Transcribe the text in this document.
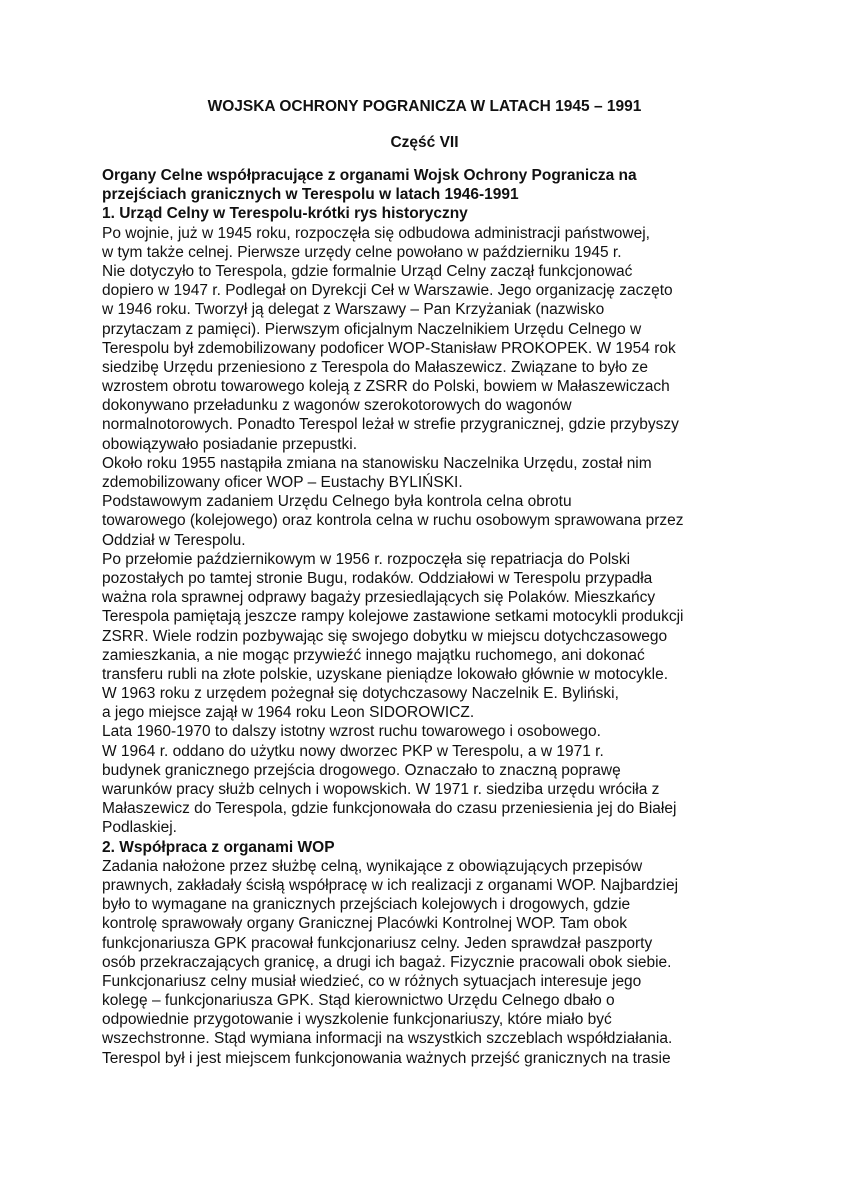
WOJSKA OCHRONY POGRANICZA W LATACH 1945 – 1991
Część VII
Organy Celne współpracujące z organami Wojsk Ochrony Pogranicza na
przejściach granicznych w Terespolu w latach 1946-1991
1. Urząd Celny w Terespolu-krótki rys historyczny
Po wojnie, już w 1945 roku, rozpoczęła się odbudowa administracji państwowej,
w tym także celnej. Pierwsze urzędy celne powołano w październiku 1945 r.
Nie dotyczyło to Terespola, gdzie formalnie Urząd Celny zaczął funkcjonować
dopiero w 1947 r. Podlegał on Dyrekcji Ceł w Warszawie. Jego organizację zaczęto
w 1946 roku. Tworzył ją delegat z Warszawy – Pan Krzyżaniak (nazwisko
przytaczam z pamięci). Pierwszym oficjalnym Naczelnikiem Urzędu Celnego w
Terespolu był zdemobilizowany podoficer WOP-Stanisław PROKOPEK. W 1954 rok
siedzibę Urzędu przeniesiono z Terespola do Małaszewicz. Związane to było ze
wzrostem obrotu towarowego koleją z ZSRR do Polski, bowiem w Małaszewiczach
dokonywano przeładunku z wagonów szerokotorowych do wagonów
normalnotorowych. Ponadto Terespol leżał w strefie przygranicznej, gdzie przybyszy
obowiązywało posiadanie przepustki.
Około roku 1955 nastąpiła zmiana na stanowisku Naczelnika Urzędu, został nim
zdemobilizowany oficer WOP – Eustachy BYLIŃSKI.
Podstawowym zadaniem Urzędu Celnego była kontrola celna obrotu
towarowego (kolejowego) oraz kontrola celna w ruchu osobowym sprawowana przez
Oddział w Terespolu.
Po przełomie październikowym w 1956 r. rozpoczęła się repatriacja do Polski
pozostałych po tamtej stronie Bugu, rodaków. Oddziałowi w Terespolu przypadła
ważna rola sprawnej odprawy bagaży przesiedlających się Polaków. Mieszkańcy
Terespola pamiętają jeszcze rampy kolejowe zastawione setkami motocykli produkcji
ZSRR. Wiele rodzin pozbywając się swojego dobytku w miejscu dotychczasowego
zamieszkania, a nie mogąc przywieźć innego majątku ruchomego, ani dokonać
transferu rubli na złote polskie, uzyskane pieniądze lokowało głównie w motocykle.
W 1963 roku z urzędem pożegnał się dotychczasowy Naczelnik E. Byliński,
a jego miejsce zajął w 1964 roku Leon SIDOROWICZ.
Lata 1960-1970 to dalszy istotny wzrost ruchu towarowego i osobowego.
W 1964 r. oddano do użytku nowy dworzec PKP w Terespolu, a w 1971 r.
budynek granicznego przejścia drogowego. Oznaczało to znaczną poprawę
warunków pracy służb celnych i wopowskich. W 1971 r. siedziba urzędu wróciła z
Małaszewicz do Terespola, gdzie funkcjonowała do czasu przeniesienia jej do Białej
Podlaskiej.
2. Współpraca z organami WOP
Zadania nałożone przez służbę celną, wynikające z obowiązujących przepisów
prawnych, zakładały ścisłą współpracę w ich realizacji z organami WOP. Najbardziej
było to wymagane na granicznych przejściach kolejowych i drogowych, gdzie
kontrolę sprawowały organy Granicznej Placówki Kontrolnej WOP. Tam obok
funkcjonariusza GPK pracował funkcjonariusz celny. Jeden sprawdzał paszporty
osób przekraczających granicę, a drugi ich bagaż. Fizycznie pracowali obok siebie.
Funkcjonariusz celny musiał wiedzieć, co w różnych sytuacjach interesuje jego
kolegę – funkcjonariusza GPK. Stąd kierownictwo Urzędu Celnego dbało o
odpowiednie przygotowanie i wyszkolenie funkcjonariuszy, które miało być
wszechstronne. Stąd wymiana informacji na wszystkich szczeblach współdziałania.
Terespol był i jest miejscem funkcjonowania ważnych przejść granicznych na trasie
